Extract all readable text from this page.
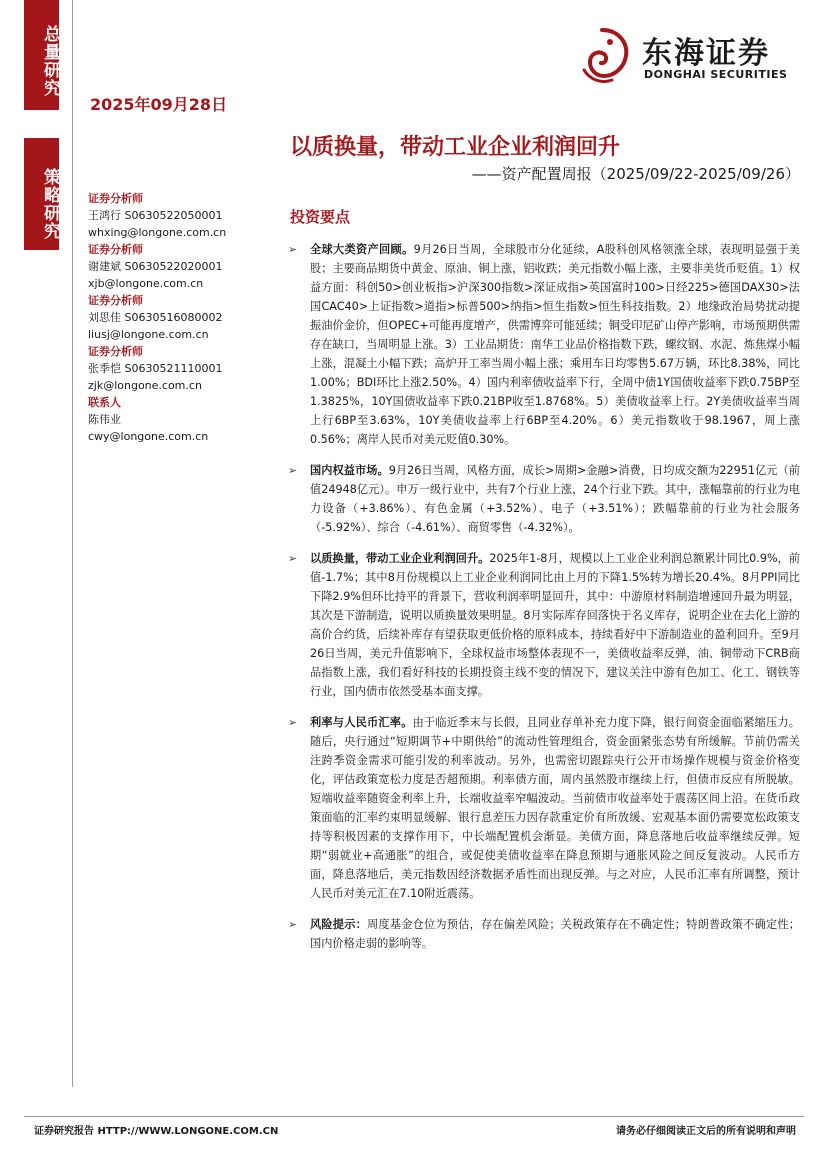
总量研究
策略研究
2025年09月28日
东海证券
DONGHAI SECURITIES
以质换量，带动工业企业利润回升
——资产配置周报（2025/09/22-2025/09/26）
证券分析师
王鸿行 S0630522050001
whxing@longone.com.cn
证券分析师
谢建斌 S0630522020001
xjb@longone.com.cn
证券分析师
刘思佳 S0630516080002
liusj@longone.com.cn
证券分析师
张季恺 S0630521110001
zjk@longone.com.cn
联系人
陈伟业
cwy@longone.com.cn
投资要点
➢ 全球大类资产回顾。9月26日当周，全球股市分化延续，A股科创风格领涨全球，表现明显强于美股；主要商品期货中黄金、原油、铜上涨，铝收跌；美元指数小幅上涨，主要非美货币贬值。1）权益方面：科创50>创业板指>沪深300指数>深证成指>英国富时100>日经225>德国DAX30>法国CAC40>上证指数>道指>标普500>纳指>恒生指数>恒生科技指数。2）地缘政治局势扰动提振油价金价，但OPEC+可能再度增产，供需博弈可能延续；铜受印尼矿山停产影响，市场预期供需存在缺口，当周明显上涨。3）工业品期货：南华工业品价格指数下跌，螺纹钢、水泥、炼焦煤小幅上涨，混凝土小幅下跌；高炉开工率当周小幅上涨；乘用车日均零售5.67万辆，环比8.38%，同比1.00%；BDI环比上涨2.50%。4）国内利率债收益率下行，全周中债1Y国债收益率下跌0.75BP至1.3825%，10Y国债收益率下跌0.21BP收至1.8768%。5）美债收益率上行。2Y美债收益率当周上行6BP至3.63%，10Y美债收益率上行6BP至4.20%。6）美元指数收于98.1967，周上涨0.56%；离岸人民币对美元贬值0.30%。
➢ 国内权益市场。9月26日当周，风格方面，成长>周期>金融>消费，日均成交额为22951亿元（前值24948亿元）。申万一级行业中，共有7个行业上涨，24个行业下跌。其中，涨幅靠前的行业为电力设备（+3.86%）、有色金属（+3.52%）、电子（+3.51%）；跌幅靠前的行业为社会服务（-5.92%）、综合（-4.61%）、商贸零售（-4.32%）。
➢ 以质换量，带动工业企业利润回升。2025年1-8月，规模以上工业企业利润总额累计同比0.9%，前值-1.7%；其中8月份规模以上工业企业利润同比由上月的下降1.5%转为增长20.4%。8月PPI同比下降2.9%但环比持平的背景下，营收利润率明显回升，其中：中游原材料制造增速回升最为明显，其次是下游制造，说明以质换量效果明显。8月实际库存回落快于名义库存，说明企业在去化上游的高价合约货，后续补库存有望获取更低价格的原料成本，持续看好中下游制造业的盈利回升。至9月26日当周，美元升值影响下，全球权益市场整体表现不一，美债收益率反弹，油、铜带动下CRB商品指数上涨，我们看好科技的长期投资主线不变的情况下，建议关注中游有色加工、化工、钢铁等行业，国内债市依然受基本面支撑。
➢ 利率与人民币汇率。由于临近季末与长假，且同业存单补充力度下降，银行间资金面临紧缩压力。随后，央行通过“短期调节+中期供给”的流动性管理组合，资金面紧张态势有所缓解。节前仍需关注跨季资金需求可能引发的利率波动。另外，也需密切跟踪央行公开市场操作规模与资金价格变化，评估政策宽松力度是否超预期。利率债方面，周内虽然股市继续上行，但债市反应有所脱敏。短端收益率随资金利率上升，长端收益率窄幅波动。当前债市收益率处于震荡区间上沿。在货币政策面临的汇率约束明显缓解、银行息差压力因存款重定价有所放缓、宏观基本面仍需要宽松政策支持等积极因素的支撑作用下，中长端配置机会渐显。美债方面，降息落地后收益率继续反弹。短期“弱就业+高通胀”的组合，或促使美债收益率在降息预期与通胀风险之间反复波动。人民币方面，降息落地后，美元指数因经济数据矛盾性而出现反弹。与之对应，人民币汇率有所调整，预计人民币对美元汇在7.10附近震荡。
➢ 风险提示：周度基金仓位为预估，存在偏差风险；关税政策存在不确定性；特朗普政策不确定性；国内价格走弱的影响等。
证券研究报告 HTTP://WWW.LONGONE.COM.CN	请务必仔细阅读正文后的所有说明和声明
